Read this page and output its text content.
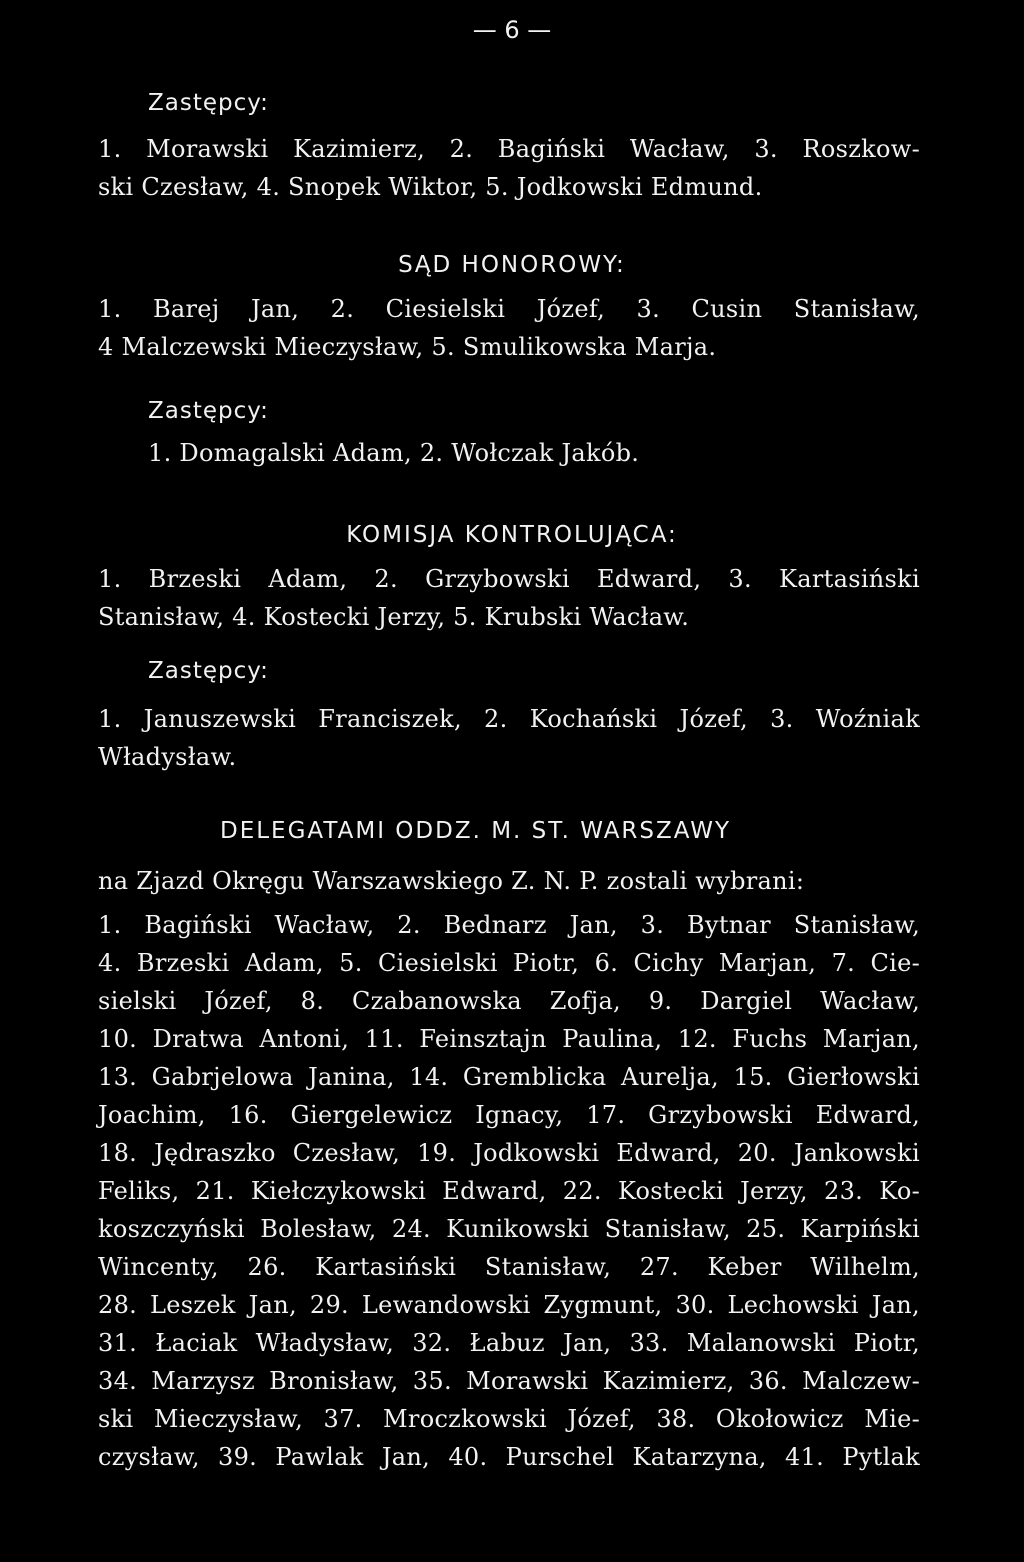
— 6 —
Zastępcy:
1. Morawski Kazimierz, 2. Bagiński Wacław, 3. Roszkow-
ski Czesław, 4. Snopek Wiktor, 5. Jodkowski Edmund.
SĄD HONOROWY:
1. Barej Jan, 2. Ciesielski Józef, 3. Cusin Stanisław,
4 Malczewski Mieczysław, 5. Smulikowska Marja.
Zastępcy:
1. Domagalski Adam, 2. Wołczak Jakób.
KOMISJA KONTROLUJĄCA:
1. Brzeski Adam, 2. Grzybowski Edward, 3. Kartasiński
Stanisław, 4. Kostecki Jerzy, 5. Krubski Wacław.
Zastępcy:
1. Januszewski Franciszek, 2. Kochański Józef, 3. Woźniak
Władysław.
DELEGATAMI ODDZ. M. ST. WARSZAWY
na Zjazd Okręgu Warszawskiego Z. N. P. zostali wybrani:
1. Bagiński Wacław, 2. Bednarz Jan, 3. Bytnar Stanisław,
4. Brzeski Adam, 5. Ciesielski Piotr, 6. Cichy Marjan, 7. Cie-
sielski Józef, 8. Czabanowska Zofja, 9. Dargiel Wacław,
10. Dratwa Antoni, 11. Feinsztajn Paulina, 12. Fuchs Marjan,
13. Gabrjelowa Janina, 14. Gremblicka Aurelja, 15. Gierłowski
Joachim, 16. Giergelewicz Ignacy, 17. Grzybowski Edward,
18. Jędraszko Czesław, 19. Jodkowski Edward, 20. Jankowski
Feliks, 21. Kiełczykowski Edward, 22. Kostecki Jerzy, 23. Ko-
koszczyński Bolesław, 24. Kunikowski Stanisław, 25. Karpiński
Wincenty, 26. Kartasiński Stanisław, 27. Keber Wilhelm,
28. Leszek Jan, 29. Lewandowski Zygmunt, 30. Lechowski Jan,
31. Łaciak Władysław, 32. Łabuz Jan, 33. Malanowski Piotr,
34. Marzysz Bronisław, 35. Morawski Kazimierz, 36. Malczew-
ski Mieczysław, 37. Mroczkowski Józef, 38. Okołowicz Mie-
czysław, 39. Pawlak Jan, 40. Purschel Katarzyna, 41. Pytlak
